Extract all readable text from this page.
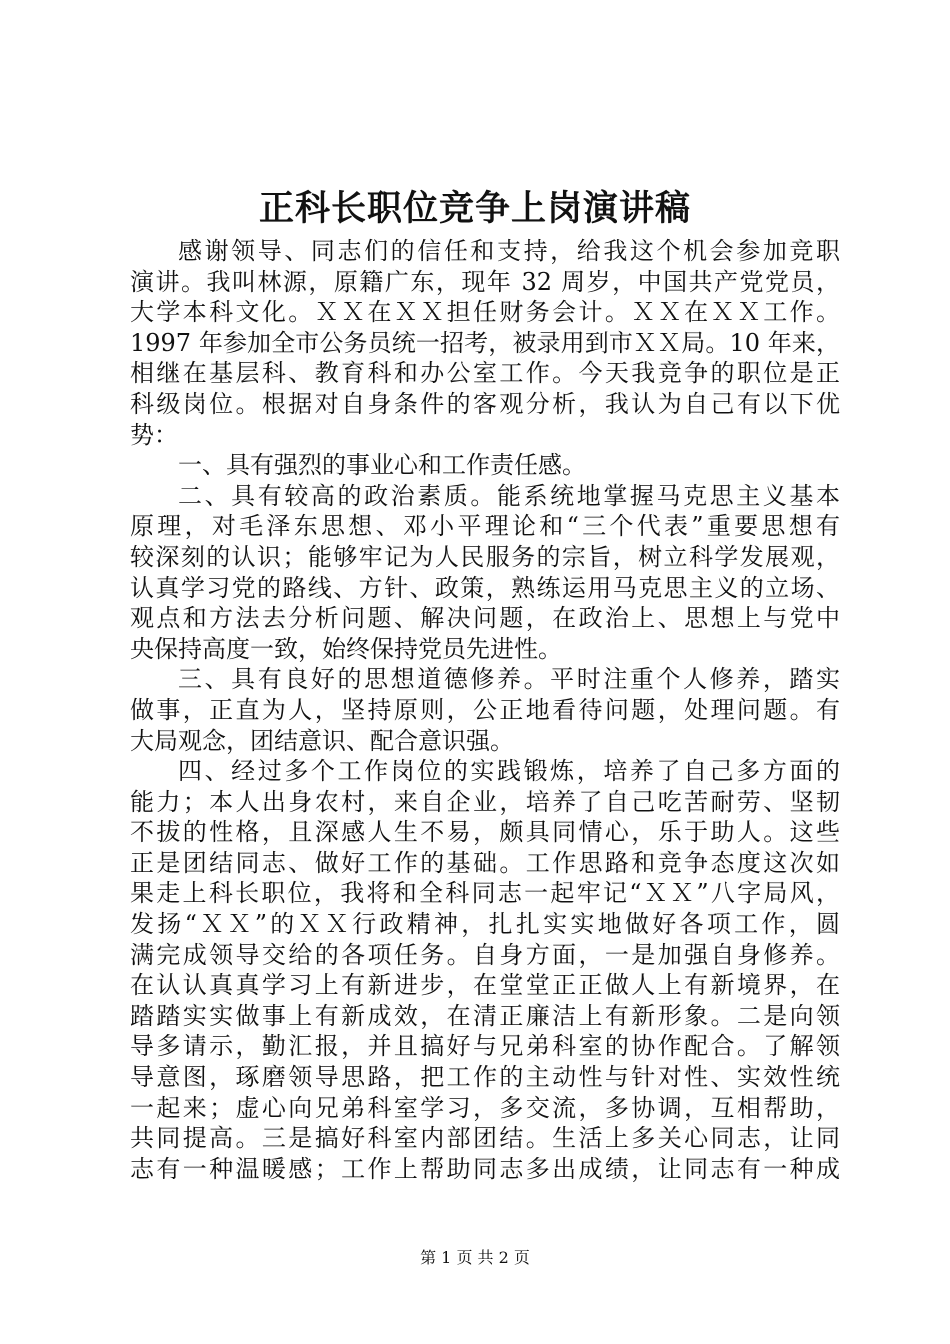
正科长职位竞争上岗演讲稿
感谢领导、同志们的信任和支持，给我这个机会参加竞职
演讲。我叫林源，原籍广东，现年 32 周岁，中国共产党党员，
大学本科文化。ＸＸ在ＸＸ担任财务会计。ＸＸ在ＸＸ工作。
1997 年参加全市公务员统一招考，被录用到市ＸＸ局。10 年来，
相继在基层科、教育科和办公室工作。今天我竞争的职位是正
科级岗位。根据对自身条件的客观分析，我认为自己有以下优
势：
一、具有强烈的事业心和工作责任感。
二、具有较高的政治素质。能系统地掌握马克思主义基本
原理，对毛泽东思想、邓小平理论和“三个代表”重要思想有
较深刻的认识；能够牢记为人民服务的宗旨，树立科学发展观，
认真学习党的路线、方针、政策，熟练运用马克思主义的立场、
观点和方法去分析问题、解决问题，在政治上、思想上与党中
央保持高度一致，始终保持党员先进性。
三、具有良好的思想道德修养。平时注重个人修养，踏实
做事，正直为人，坚持原则，公正地看待问题，处理问题。有
大局观念，团结意识、配合意识强。
四、经过多个工作岗位的实践锻炼，培养了自己多方面的
能力；本人出身农村，来自企业，培养了自己吃苦耐劳、坚韧
不拔的性格，且深感人生不易，颇具同情心，乐于助人。这些
正是团结同志、做好工作的基础。工作思路和竞争态度这次如
果走上科长职位，我将和全科同志一起牢记“ＸＸ”八字局风，
发扬“ＸＸ”的ＸＸ行政精神，扎扎实实地做好各项工作，圆
满完成领导交给的各项任务。自身方面，一是加强自身修养。
在认认真真学习上有新进步，在堂堂正正做人上有新境界，在
踏踏实实做事上有新成效，在清正廉洁上有新形象。二是向领
导多请示，勤汇报，并且搞好与兄弟科室的协作配合。了解领
导意图，琢磨领导思路，把工作的主动性与针对性、实效性统
一起来；虚心向兄弟科室学习，多交流，多协调，互相帮助，
共同提高。三是搞好科室内部团结。生活上多关心同志，让同
志有一种温暖感；工作上帮助同志多出成绩，让同志有一种成
第 1 页 共 2 页
